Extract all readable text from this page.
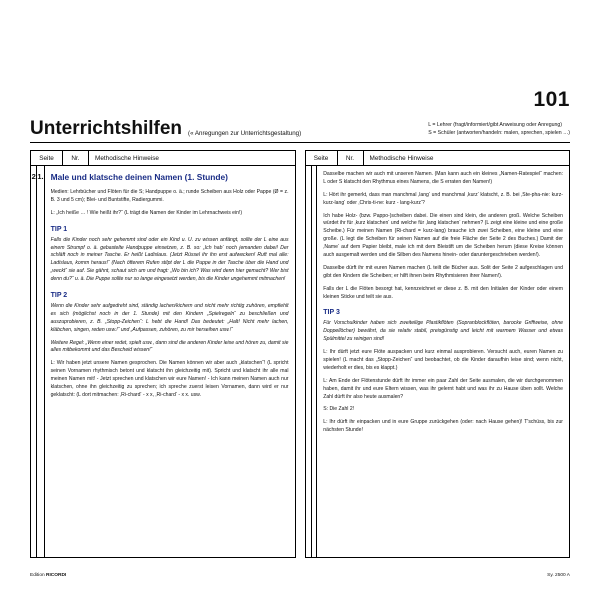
101
Unterrichtshilfen (« Anregungen zur Unterrichtsgestaltung)
L = Lehrer (fragt/informiert/gibt Anweisung oder Anregung)
S = Schüler (antworten/handeln: malen, sprechen, spielen …)
Seite	Nr.	Methodische Hinweise
2 1. Male und klatsche deinen Namen (1. Stunde)
Medien: Lehrbücher und Flöten für die S; Handpuppe o. ä.; runde Scheiben aus Holz oder Pappe (Ø = z. B. 3 und 5 cm); Blei- und Buntstifte, Radiergummi.
L: „Ich heiße … ! Wie heißt ihr?“ (L trägt die Namen der Kinder im Lehrnachweis ein!)
TIP 1
Falls die Kinder noch sehr gehemmt sind oder ein Kind u. U. zu wissen anfängt, sollte der L eine aus einem Strumpf o. ä. gebastelte Handpuppe einsetzen, z. B. so: „Ich hab‘ noch jemanden dabei! Der schläft noch in meiner Tasche. Er heißt Ladislaus. (Jetzt Rüssel ihr ihn erst aufwecken! Ruft mal alle: Ladislaus, komm heraus!“ (Nach öfterem Rufen stilpt der L die Puppe in der Tasche über die Hand und „weckt“ sie auf. Sie gähnt, schaut sich um und fragt: „Wo bin ich? Was wird denn hier gemacht? Wer bist denn du?“ u. ä. Die Puppe sollte nur so lange eingesetzt werden, bis die Kinder ungehemmt mitmachen!
TIP 2
Wenn die Kinder sehr aufgedreht sind, ständig lachen/kichern und nicht mehr richtig zuhören, empfiehlt es sich (möglichst noch in der 1. Stunde) mit den Kindern „Spielregeln“ zu beschließen und auszuprobieren, z. B. „Stopp-Zeichen“: L hebt die Hand! Das bedeutet: „Halt! Nicht mehr lachen, kläbchen, singen, reden usw.!“ und „Aufpassen, zuhören, zu mir herseihen usw.!“
Weitere Regel: „Wenn einer redet, spielt usw., dann sind die anderen Kinder leise und hören zu, damit sie alles mitbekommt und das Bescheid wissen!“
L: Wir haben jetzt unsere Namen gesprochen. Die Namen können wir aber auch „klatschen“! (L spricht seinen Vornamen rhythmisch betont und klatscht ihn gleichzeitig mit). Spricht und klatscht ihr alle mal meinen Namen mit! - Jetzt sprechen und klatschen wir eure Namen! - Ich kann meinen Namen auch nur klatschen, ohne ihn gleichzeitig zu sprechen; ich spreche zuerst leisen Vornamen, dann wird er nur geklatscht: (L dort mitmachen: ‚Ri-chard‘ - x x, ‚Ri-chard‘ - x x. usw.
Seite	Nr.	Methodische Hinweise
Dasselbe machen wir auch mit unseren Namen. (Man kann auch ein kleines „Namen-Ratespiel“ machen: L oder S klatscht den Rhythmus eines Namens, die S erraten den Namen!)
L: Hört ihr gemerkt, dass man manchmal ‚lang‘ und manchmal ‚kurz‘ klatscht, z. B. bei ‚Ste-pha-nie: kurz-kurz-lang‘ oder ‚Chris-ti-ne: kurz - lang-kurz‘?
Ich habe Holz- (bzw. Pappo-)scheiben dabei. Die einen sind klein, die anderen groß. Welche Scheiben würdet ihr für ‚kurz klatschen‘ und welche für ‚lang klatschen‘ nehmen? (L zeigt eine kleine und eine große Scheibe.) Für meinen Namen (Ri-chard = kurz-lang) brauche ich zwei Scheiben, eine kleine und eine große. (L legt die Scheiben für seinen Namen auf die freie Fläche der Seite 2 des Buches.) Damit der ‚Name‘ auf dem Papier bleibt, male ich mit dem Bleistift um die Scheiben herum (diese Kreise können auch ausgemalt werden und die Silben des Namens hinein- oder daruntergeschrieben werden!).
Dasselbe dürft ihr mit euren Namen machen (L teilt die Bücher aus. Solit der Seite 2 aufgeschlagen und gibt den Kindern die Scheiben; er hilft ihnen beim Rhythmisieren ihrer Namen!).
Falls der L die Flöten besorgt hat, kennzeichnet er diese z. B. mit den Initialen der Kinder oder einem kleinen Sticke und teilt sie aus.
TIP 3
Für Vorschulkinder haben sich zweiteilige Plastikflöten (Sopranblockflöten, barocke Griffweise, ohne Doppellöcher) bewährt, da sie relativ stabil, preisgünstig und leicht mit warmem Wasser und etwas Spülmittel zu reinigen sind!
L: Ihr dürft jetzt eure Flöte auspacken und kurz einmal ausprobieren. Versucht auch, euren Namen zu spielen! (L macht das „Stopp-Zeichen“ und beobachtet, ob die Kinder daraufhin leise sind; wenn nicht, wiederholt er dies, bis es klappt.)
L: Am Ende der Flötenstunde dürft ihr immer ein paar Zahl der Seite ausmalen, die wir durchgenommen haben, damit ihr und eure Eltern wissen, was ihr gelernt habt und was ihr zu Hause üben sollt. Welche Zahl dürft ihr also heute ausmalen?
S: Die Zahl 2!
L: Ihr dürft ihr einpacken und in eure Gruppe zurückgehen (oder: nach Hause gehen)! T'schüss, bis zur nächsten Stunde!
Edition RICORDI	Sy. 2500 A
